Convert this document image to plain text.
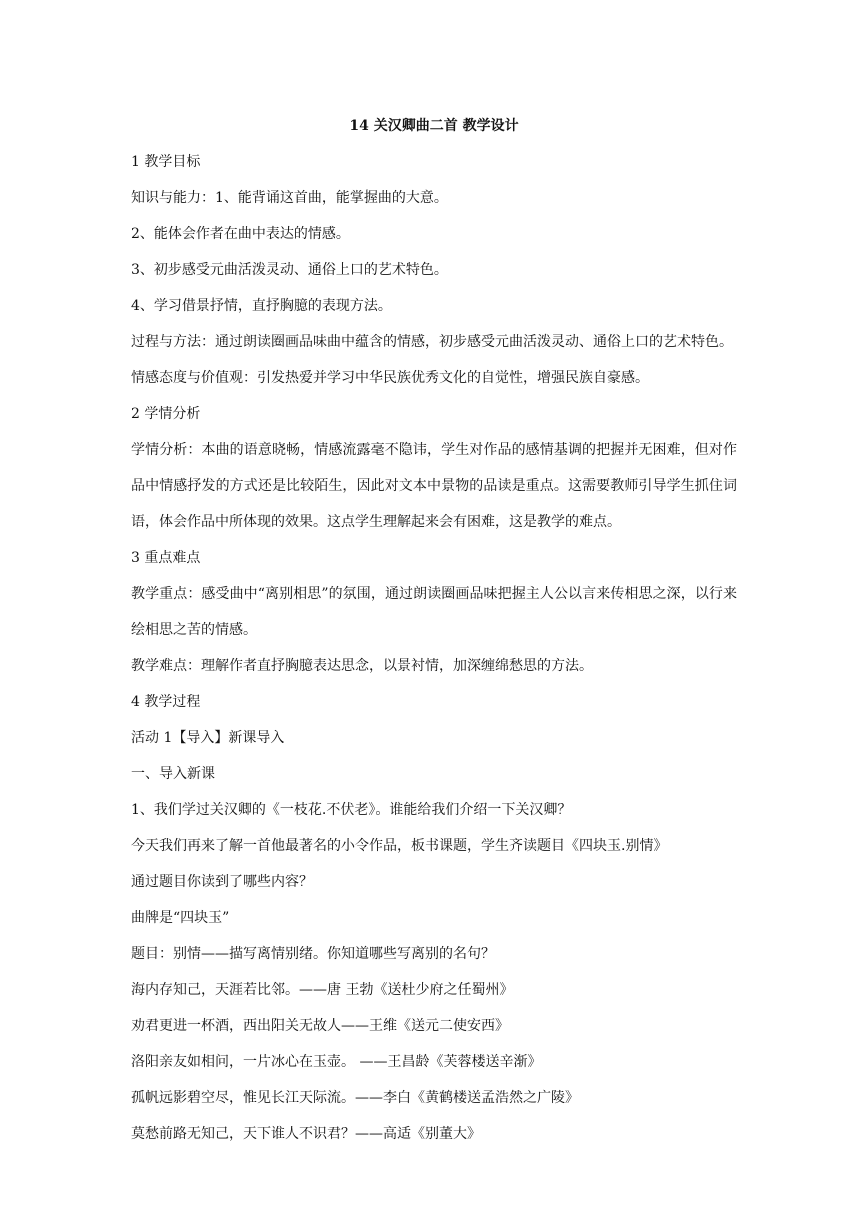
14 关汉卿曲二首 教学设计

1 教学目标

知识与能力：1、能背诵这首曲，能掌握曲的大意。

2、能体会作者在曲中表达的情感。

3、初步感受元曲活泼灵动、通俗上口的艺术特色。

4、学习借景抒情，直抒胸臆的表现方法。

过程与方法：通过朗读圈画品味曲中蕴含的情感，初步感受元曲活泼灵动、通俗上口的艺术特色。

情感态度与价值观：引发热爱并学习中华民族优秀文化的自觉性，增强民族自豪感。

2 学情分析

学情分析：本曲的语意晓畅，情感流露毫不隐讳，学生对作品的感情基调的把握并无困难，但对作品中情感抒发的方式还是比较陌生，因此对文本中景物的品读是重点。这需要教师引导学生抓住词语，体会作品中所体现的效果。这点学生理解起来会有困难，这是教学的难点。

3 重点难点

教学重点：感受曲中“离别相思”的氛围，通过朗读圈画品味把握主人公以言来传相思之深，以行来绘相思之苦的情感。

教学难点：理解作者直抒胸臆表达思念，以景衬情，加深缠绵愁思的方法。

4 教学过程

活动 1【导入】新课导入

一、导入新课

1、我们学过关汉卿的《一枝花.不伏老》。谁能给我们介绍一下关汉卿？

今天我们再来了解一首他最著名的小令作品，板书课题，学生齐读题目《四块玉.别情》

通过题目你读到了哪些内容？

曲牌是“四块玉”

题目：别情——描写离情别绪。你知道哪些写离别的名句？

海内存知己，天涯若比邻。——唐 王勃《送杜少府之任蜀州》

劝君更进一杯酒，西出阳关无故人——王维《送元二使安西》

洛阳亲友如相问，一片冰心在玉壶。 ——王昌龄《芙蓉楼送辛渐》

孤帆远影碧空尽，惟见长江天际流。——李白《黄鹤楼送孟浩然之广陵》

莫愁前路无知己，天下谁人不识君？——高适《别董大》
